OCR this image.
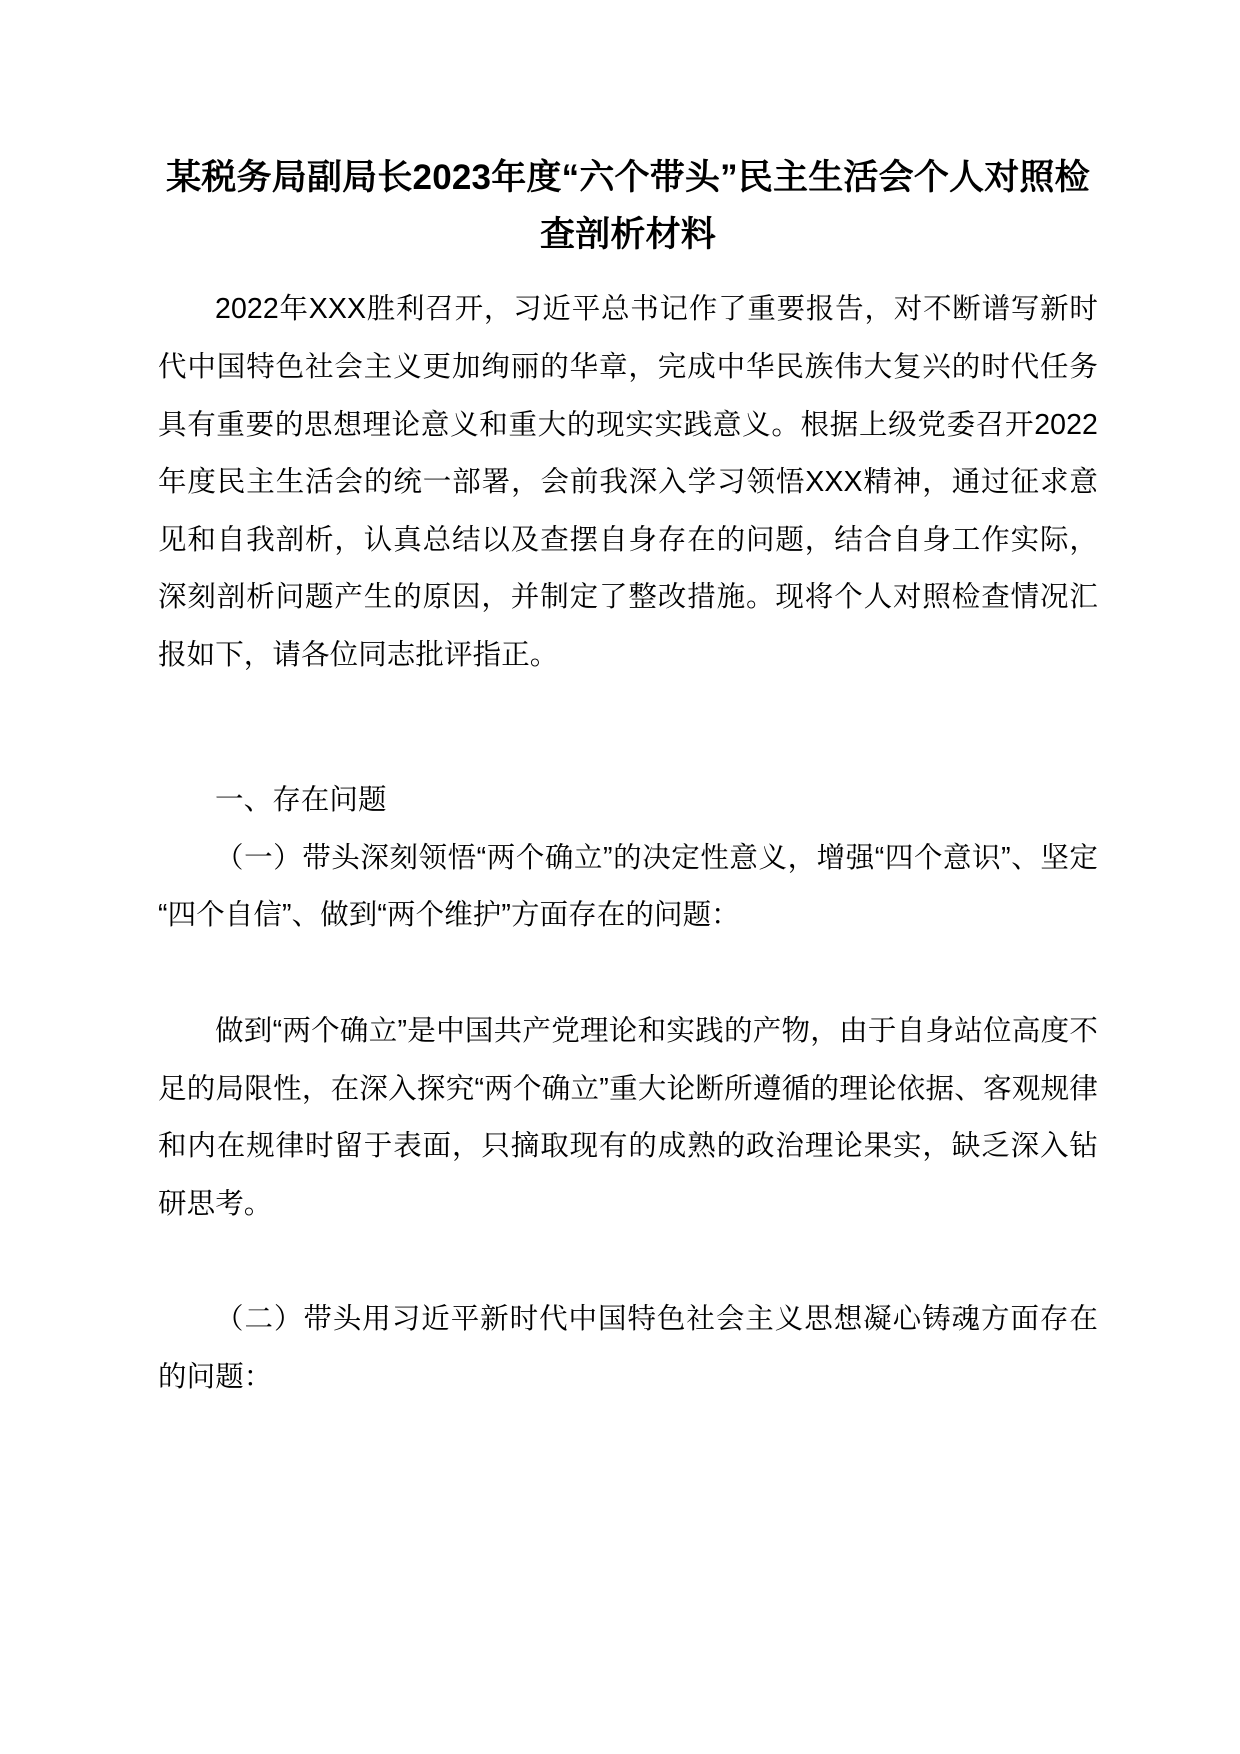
某税务局副局长2023年度“六个带头”民主生活会个人对照检查剖析材料

2022年XXX胜利召开，习近平总书记作了重要报告，对不断谱写新时代中国特色社会主义更加绚丽的华章，完成中华民族伟大复兴的时代任务具有重要的思想理论意义和重大的现实实践意义。根据上级党委召开2022年度民主生活会的统一部署，会前我深入学习领悟XXX精神，通过征求意见和自我剖析，认真总结以及查摆自身存在的问题，结合自身工作实际，深刻剖析问题产生的原因，并制定了整改措施。现将个人对照检查情况汇报如下，请各位同志批评指正。

一、存在问题

（一）带头深刻领悟“两个确立”的决定性意义，增强“四个意识”、坚定“四个自信”、做到“两个维护”方面存在的问题：

做到“两个确立”是中国共产党理论和实践的产物，由于自身站位高度不足的局限性，在深入探究“两个确立”重大论断所遵循的理论依据、客观规律和内在规律时留于表面，只摘取现有的成熟的政治理论果实，缺乏深入钻研思考。

（二）带头用习近平新时代中国特色社会主义思想凝心铸魂方面存在的问题：
